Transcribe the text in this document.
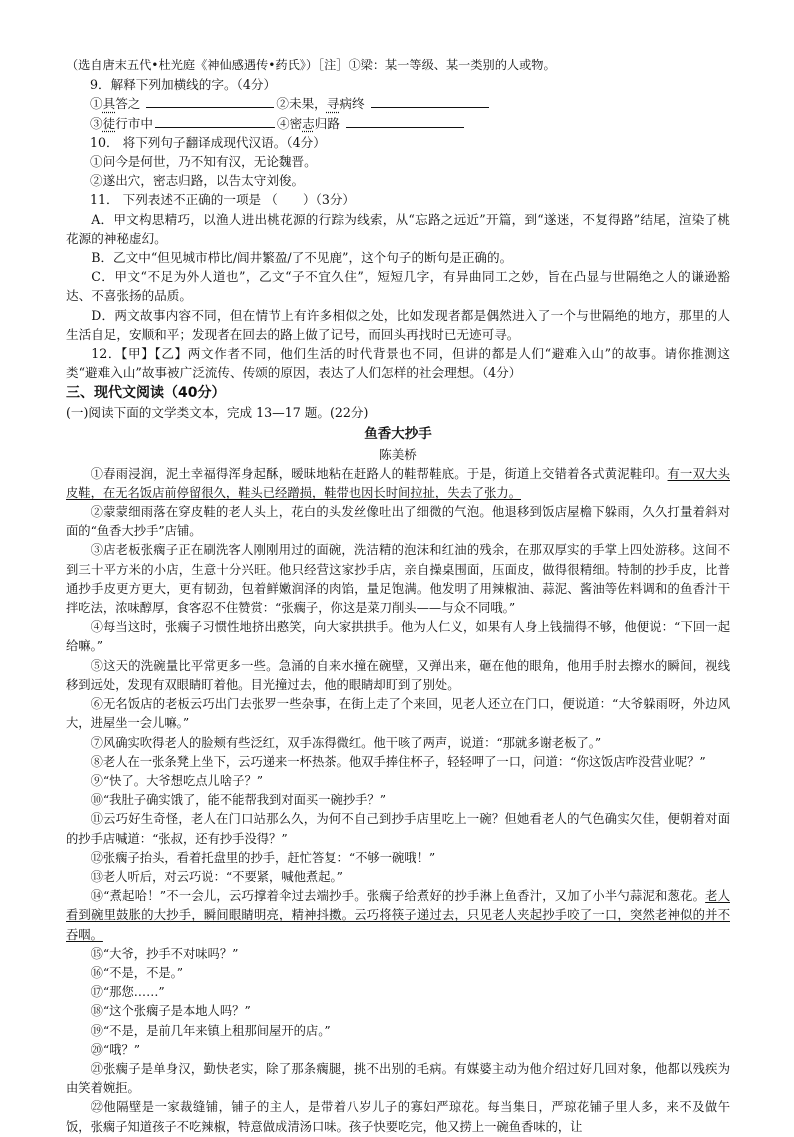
（选自唐末五代•杜光庭《神仙感遇传•药氏》）［注］①梁：某一等级、某一类别的人或物。
9．解释下列加横线的字。（4分）
①具答之	②未果，寻病终
③徒行市中	④密志归路
10． 将下列句子翻译成现代汉语。（4分）
①问今是何世，乃不知有汉，无论魏晋。
②遂出穴，密志归路，以告太守刘俊。
11． 下列表述不正确的一项是 （　　）（3分）
A．甲文构思精巧，以渔人进出桃花源的行踪为线索，从“忘路之远近”开篇，到“遂迷，不复得路”结尾，渲染了桃花源的神秘虚幻。
B．乙文中“但见城市栉比/闾井繁盈/了不见鹿”，这个句子的断句是正确的。
C．甲文“不足为外人道也”，乙文“子不宜久住”，短短几字，有异曲同工之妙，旨在凸显与世隔绝之人的谦逊豁达、不喜张扬的品质。
D．两文故事内容不同，但在情节上有许多相似之处，比如发现者都是偶然进入了一个与世隔绝的地方，那里的人生活自足，安顺和平；发现者在回去的路上做了记号，而回头再找时已无迹可寻。
12．【甲】【乙】两文作者不同，他们生活的时代背景也不同，但讲的都是人们“避难入山”的故事。请你推测这类“避难入山”故事被广泛流传、传颂的原因，表达了人们怎样的社会理想。（4分）
三、现代文阅读（40分）
(一)阅读下面的文学类文本，完成 13—17 题。(22分)
鱼香大抄手
陈美桥
①春雨浸润，泥土幸福得浑身起酥，暧昧地粘在赶路人的鞋帮鞋底。于是，街道上交错着各式黄泥鞋印。有一双大头皮鞋，在无名饭店前停留很久，鞋头已经蹭损，鞋带也因长时间拉扯，失去了张力。
②蒙蒙细雨落在穿皮鞋的老人头上，花白的头发丝像吐出了细微的气泡。他退移到饭店屋檐下躲雨，久久打量着斜对面的“鱼香大抄手”店铺。
③店老板张瘸子正在刷洗客人刚刚用过的面碗，洗洁精的泡沫和红油的残余，在那双厚实的手掌上四处游移。这间不到三十平方米的小店，生意十分兴旺。他只经营这家抄手店，亲自操桌围面，压面皮，做得很精细。特制的抄手皮，比普通抄手皮更方更大，更有韧劲，包着鲜嫩润泽的肉馅，量足饱满。他发明了用辣椒油、蒜泥、酱油等佐料调和的鱼香汁干拌吃法，浓味醇厚，食客忍不住赞赏：“张瘸子，你这是菜刀削头——与众不同哦。”
④每当这时，张瘸子习惯性地挤出憨笑，向大家拱拱手。他为人仁义，如果有人身上钱揣得不够，他便说：“下回一起给嘛。”
⑤这天的洗碗量比平常更多一些。急涌的自来水撞在碗壁，又弹出来，砸在他的眼角，他用手肘去擦水的瞬间，视线移到远处，发现有双眼睛盯着他。目光撞过去，他的眼睛却盯到了别处。
⑥无名饭店的老板云巧出门去张罗一些杂事，在街上走了个来回，见老人还立在门口，便说道：“大爷躲雨呀，外边风大，进屋坐一会儿嘛。”
⑦风确实吹得老人的脸颊有些泛红，双手冻得微红。他干咳了两声，说道：“那就多谢老板了。”
⑧老人在一张条凳上坐下，云巧递来一杯热茶。他双手捧住杯子，轻轻呷了一口，问道：“你这饭店咋没营业呢？”
⑨“快了。大爷想吃点儿啥子？”
⑩“我肚子确实饿了，能不能帮我到对面买一碗抄手？”
⑪云巧好生奇怪，老人在门口站那么久，为何不自己到抄手店里吃上一碗？但她看老人的气色确实欠佳，便朝着对面的抄手店喊道：“张叔，还有抄手没得？”
⑫张瘸子抬头，看着托盘里的抄手，赶忙答复：“不够一碗哦！”
⑬老人听后，对云巧说：“不要紧，喊他煮起。”
⑭“煮起哈！”不一会儿，云巧撑着伞过去端抄手。张瘸子给煮好的抄手淋上鱼香汁，又加了小半勺蒜泥和葱花。老人看到碗里鼓胀的大抄手，瞬间眼睛明亮，精神抖擞。云巧将筷子递过去，只见老人夹起抄手咬了一口，突然老神似的并不吞咽。
⑮“大爷，抄手不对味吗？”
⑯“不是，不是。”
⑰“那您……”
⑱“这个张瘸子是本地人吗？”
⑲“不是，是前几年来镇上租那间屋开的店。”
⑳“哦？”
㉑张瘸子是单身汉，勤快老实，除了那条瘸腿，挑不出别的毛病。有媒婆主动为他介绍过好几回对象，他都以残疾为由笑着婉拒。
㉒他隔壁是一家裁缝铺，铺子的主人，是带着八岁儿子的寡妇严琼花。每当集日，严琼花铺子里人多，来不及做午饭，张瘸子知道孩子不吃辣椒，特意做成清汤口味。孩子快要吃完，他又捞上一碗鱼香味的，让
